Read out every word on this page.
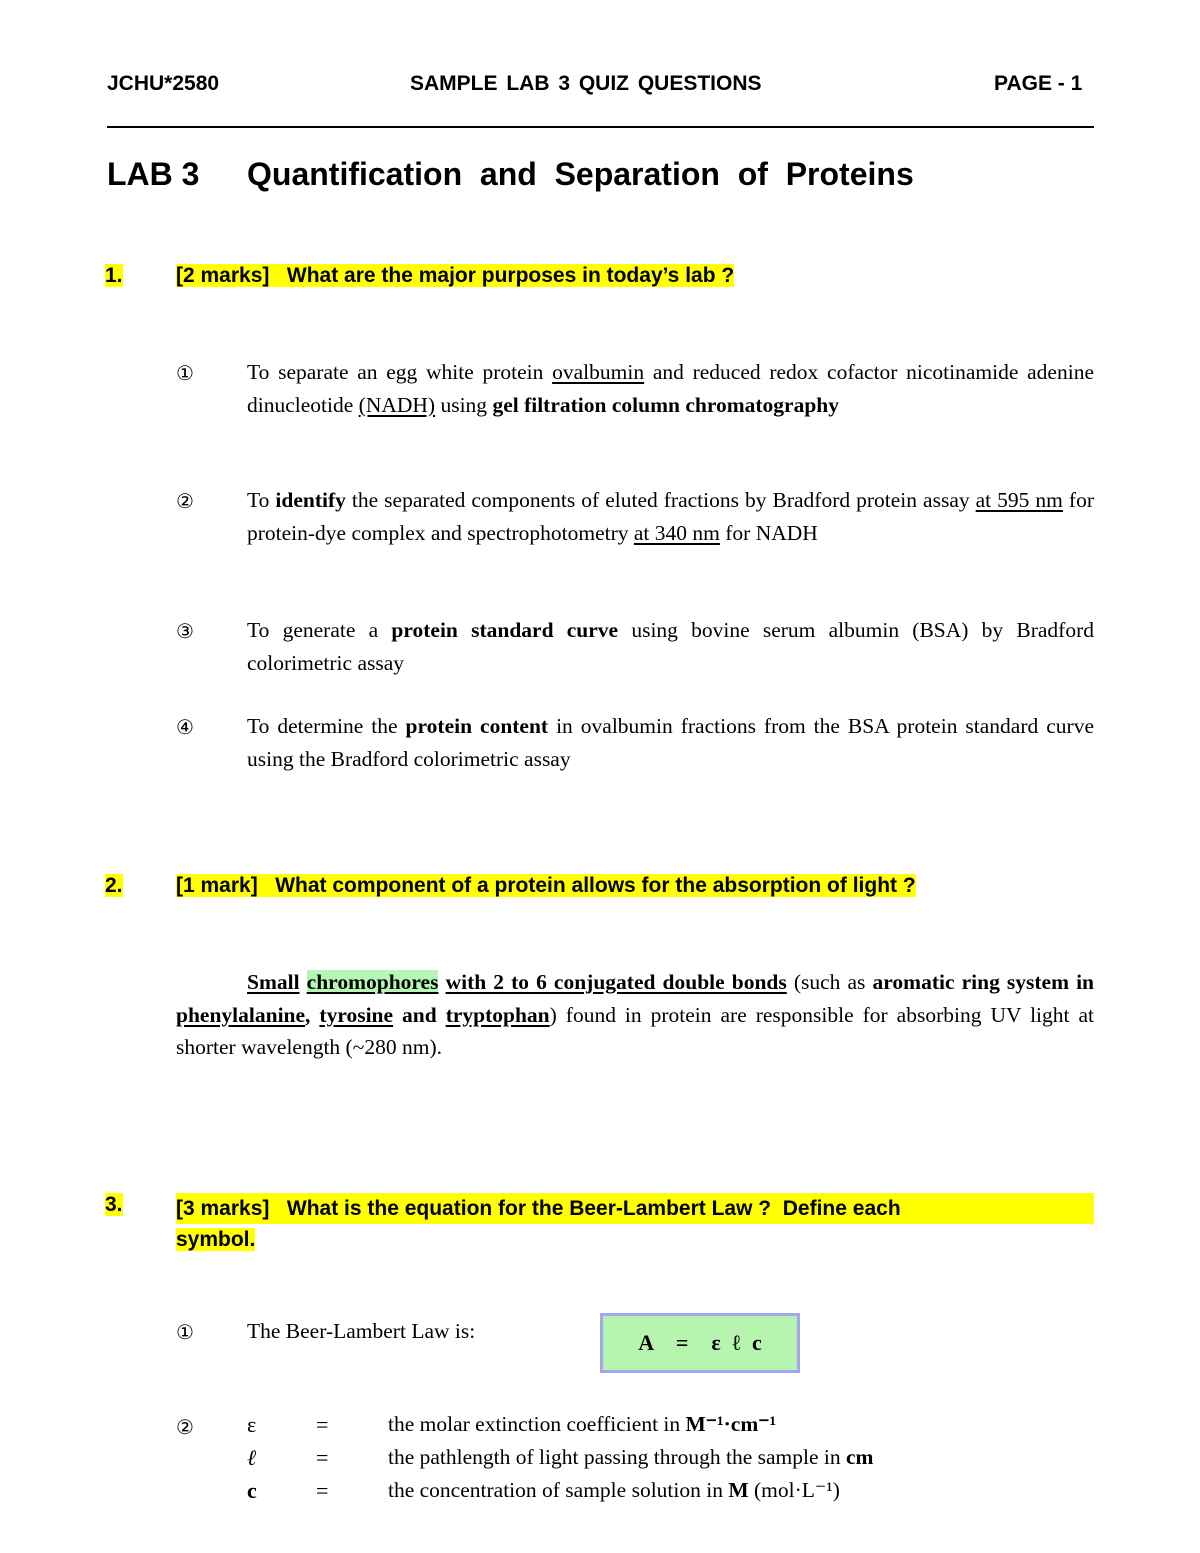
JCHU*2580	SAMPLE LAB 3 QUIZ QUESTIONS	PAGE - 1
LAB 3 Quantification  and  Separation  of  Proteins
1.	[2 marks]   What are the major purposes in today’s lab ?
① To separate an egg white protein ovalbumin and reduced redox cofactor nicotinamide adenine dinucleotide (NADH) using gel filtration column chromatography
② To identify the separated components of eluted fractions by Bradford protein assay at 595 nm for protein-dye complex and spectrophotometry at 340 nm for NADH
③ To generate a protein standard curve using bovine serum albumin (BSA) by Bradford colorimetric assay
④ To determine the protein content in ovalbumin fractions from the BSA protein standard curve using the Bradford colorimetric assay
2.	[1 mark]   What component of a protein allows for the absorption of light ?
Small chromophores with 2 to 6 conjugated double bonds (such as aromatic ring system in phenylalanine, tyrosine and tryptophan) found in protein are responsible for absorbing UV light at shorter wavelength (~280 nm).
3.	[3 marks]   What is the equation for the Beer-Lambert Law ?  Define each
symbol.
① The Beer-Lambert Law is:	A  =  ε ℓ c
② ε	=	the molar extinction coefficient in M⁻¹·cm⁻¹
ℓ	=	the pathlength of light passing through the sample in cm
c	=	the concentration of sample solution in M (mol·L⁻¹)
